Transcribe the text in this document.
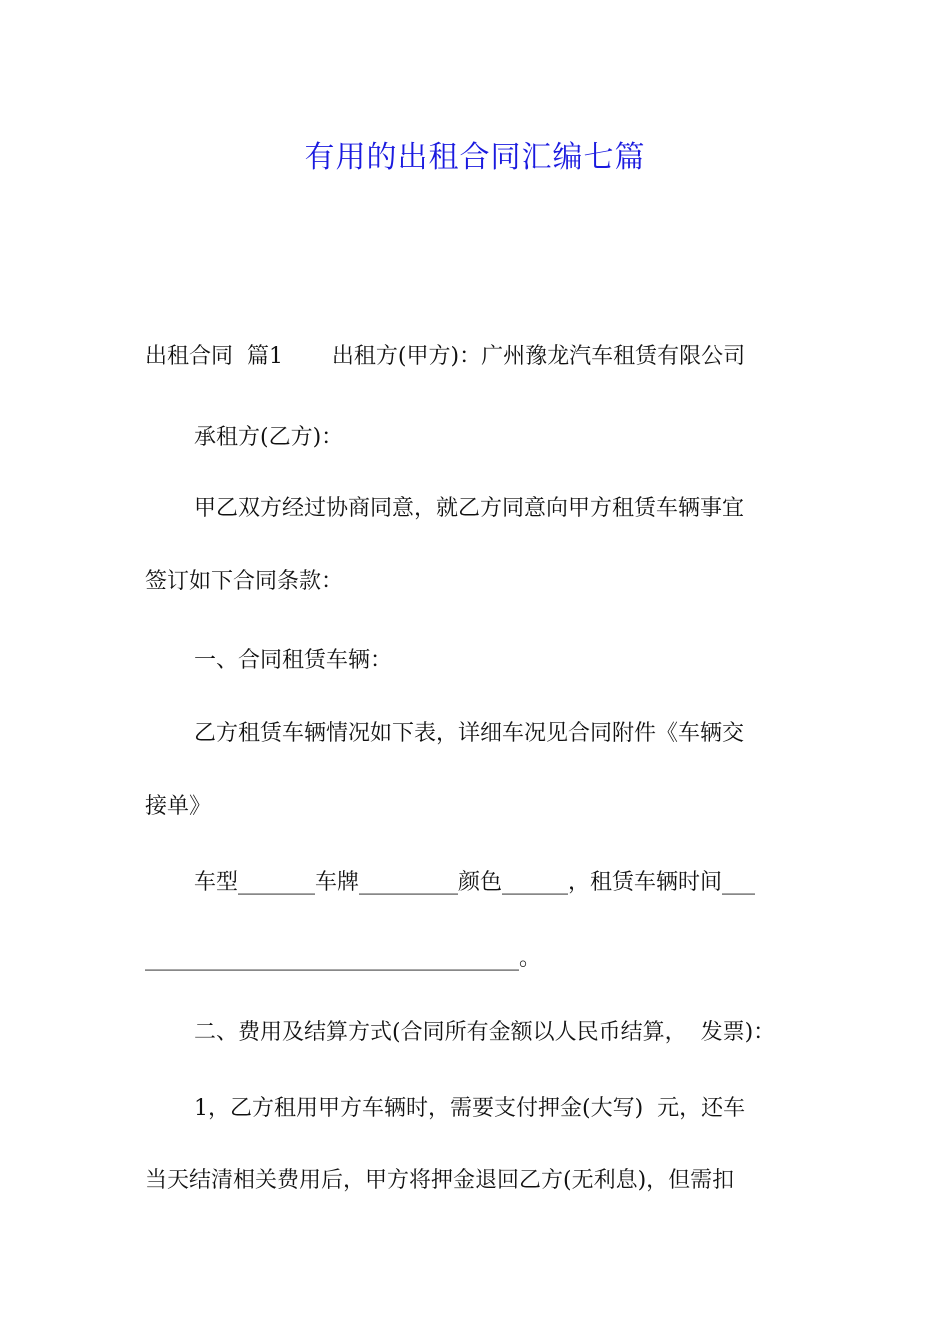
有用的出租合同汇编七篇
出租合同  篇1       出租方(甲方)：广州豫龙汽车租赁有限公司
承租方(乙方)：
甲乙双方经过协商同意，就乙方同意向甲方租赁车辆事宜
签订如下合同条款：
一、合同租赁车辆：
乙方租赁车辆情况如下表，详细车况见合同附件《车辆交
接单》
车型_______车牌_________颜色______，租赁车辆时间___
__________________________________。
二、费用及结算方式(合同所有金额以人民币结算，  发票)：
1，乙方租用甲方车辆时，需要支付押金(大写)  元，还车
当天结清相关费用后，甲方将押金退回乙方(无利息)，但需扣
